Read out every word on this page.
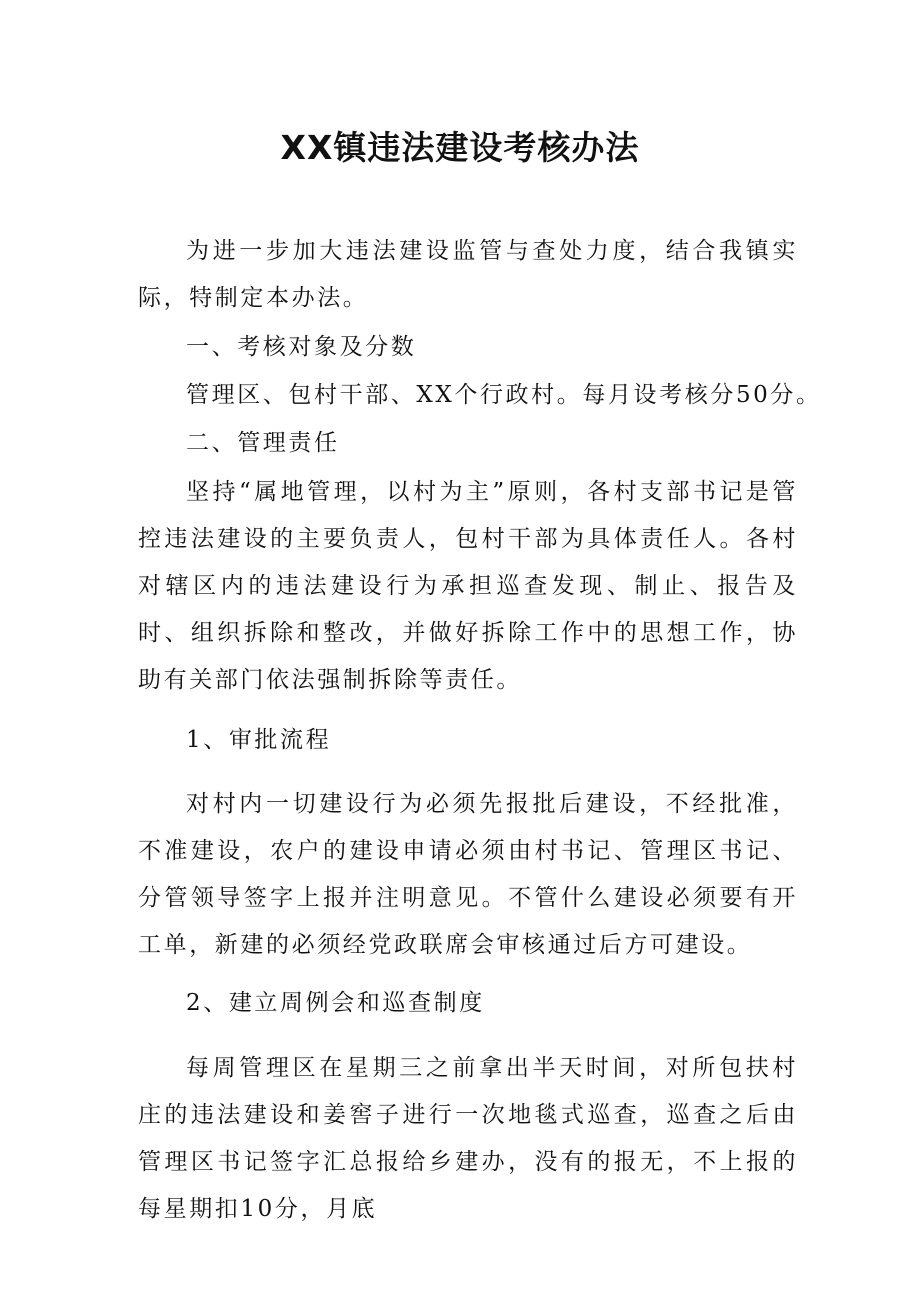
XX镇违法建设考核办法

为进一步加大违法建设监管与查处力度，结合我镇实际，特制定本办法。

一、考核对象及分数

管理区、包村干部、XX个行政村。每月设考核分50分。

二、管理责任

坚持“属地管理，以村为主”原则，各村支部书记是管控违法建设的主要负责人，包村干部为具体责任人。各村对辖区内的违法建设行为承担巡查发现、制止、报告及时、组织拆除和整改，并做好拆除工作中的思想工作，协助有关部门依法强制拆除等责任。

1、审批流程

对村内一切建设行为必须先报批后建设，不经批准，不准建设，农户的建设申请必须由村书记、管理区书记、分管领导签字上报并注明意见。不管什么建设必须要有开工单，新建的必须经党政联席会审核通过后方可建设。

2、建立周例会和巡查制度

每周管理区在星期三之前拿出半天时间，对所包扶村庄的违法建设和姜窖子进行一次地毯式巡查，巡查之后由管理区书记签字汇总报给乡建办，没有的报无，不上报的每星期扣10分，月底
